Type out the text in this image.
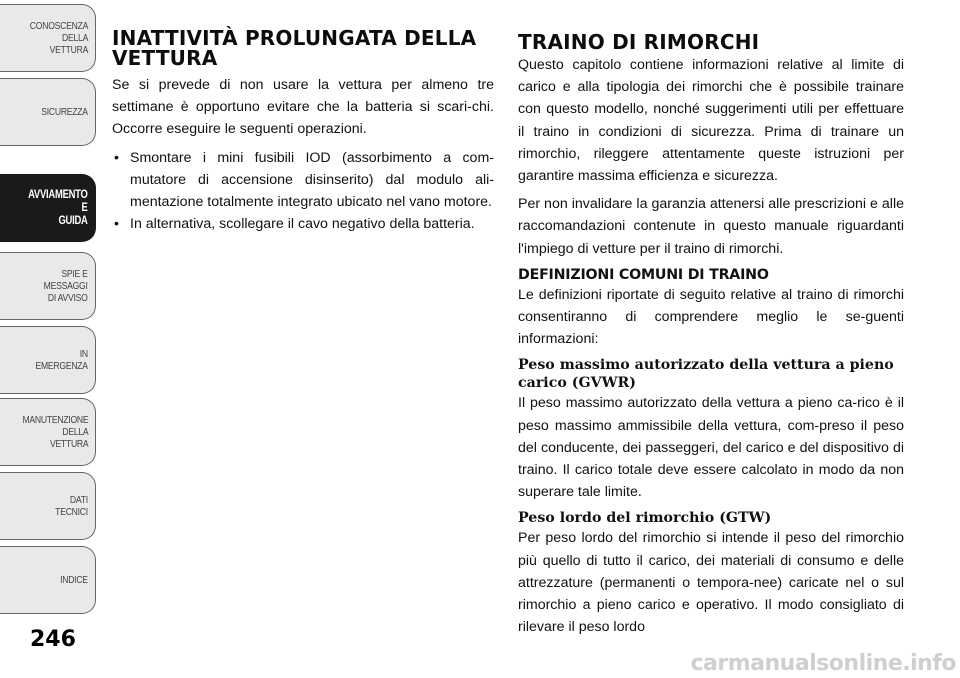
CONOSCENZA
DELLA
VETTURA
SICUREZZA
AVVIAMENTO
E
GUIDA
SPIE E
MESSAGGI
DI AVVISO
IN
EMERGENZA
MANUTENZIONE
DELLA
VETTURA
DATI
TECNICI
INDICE
246
INATTIVITÀ PROLUNGATA DELLA VETTURA

Se si prevede di non usare la vettura per almeno tre settimane è opportuno evitare che la batteria si scari-chi. Occorre eseguire le seguenti operazioni.

• Smontare i mini fusibili IOD (assorbimento a com-mutatore di accensione disinserito) dal modulo ali-mentazione totalmente integrato ubicato nel vano motore.
• In alternativa, scollegare il cavo negativo della batteria.
TRAINO DI RIMORCHI

Questo capitolo contiene informazioni relative al limite di carico e alla tipologia dei rimorchi che è possibile trainare con questo modello, nonché suggerimenti utili per effettuare il traino in condizioni di sicurezza. Prima di trainare un rimorchio, rileggere attentamente queste istruzioni per garantire massima efficienza e sicurezza.

Per non invalidare la garanzia attenersi alle prescrizioni e alle raccomandazioni contenute in questo manuale riguardanti l'impiego di vetture per il traino di rimorchi.

DEFINIZIONI COMUNI DI TRAINO

Le definizioni riportate di seguito relative al traino di rimorchi consentiranno di comprendere meglio le se-guenti informazioni:

Peso massimo autorizzato della vettura a pieno carico (GVWR)

Il peso massimo autorizzato della vettura a pieno ca-rico è il peso massimo ammissibile della vettura, com-preso il peso del conducente, dei passeggeri, del carico e del dispositivo di traino. Il carico totale deve essere calcolato in modo da non superare tale limite.

Peso lordo del rimorchio (GTW)

Per peso lordo del rimorchio si intende il peso del rimorchio più quello di tutto il carico, dei materiali di consumo e delle attrezzature (permanenti o tempora-nee) caricate nel o sul rimorchio a pieno carico e operativo. Il modo consigliato di rilevare il peso lordo

carmanualsonline.info
